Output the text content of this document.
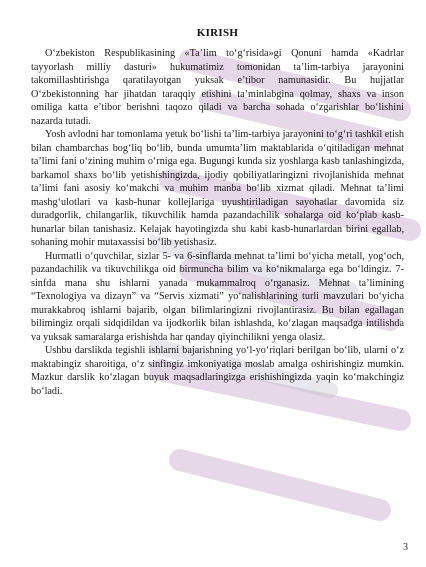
KIRISH

O‘zbekiston Respublikasining «Ta’lim to‘g‘risida»gi Qonuni hamda «Kadrlar tayyorlash milliy dasturi» hukumatimiz tomonidan ta’lim-tarbiya jarayonini takomillashtirishga qaratilayotgan yuksak e’tibor namunasidir. Bu hujjatlar O‘zbekistonning har jihatdan taraqqiy etishini ta’minlabgina qolmay, shaxs va inson omiliga katta e’tibor berishni taqozo qiladi va barcha sohada o‘zgarishlar bo‘lishini nazarda tutadi.

Yosh avlodni har tomonlama yetuk bo‘lishi ta’lim-tarbiya jarayonini to‘g‘ri tashkil etish bilan chambarchas bog‘liq bo‘lib, bunda umumta’lim maktablarida o‘qitiladigan mehnat ta’limi fani o‘zining muhim o‘rniga ega. Bugungi kunda siz yoshlarga kasb tanlashingizda, barkamol shaxs bo‘lib yetishishingizda, ijodiy qobiliyatlaringizni rivojlanishida mehnat ta’limi fani asosiy ko‘makchi va muhim manba bo‘lib xizmat qiladi. Mehnat ta’limi mashg‘ulotlari va kasb-hunar kollejlariga uyushtiriladigan sayohatlar davomida siz duradgorlik, chilangarlik, tikuvchilik hamda pazandachilik sohalarga oid ko‘plab kasb-hunarlar bilan tanishasiz. Kelajak hayotingizda shu kabi kasb-hunarlardan birini egallab, sohaning mohir mutaxassisi bo‘lib yetishasiz.

Hurmatli o‘quvchilar, sizlar 5- va 6-sinflarda mehnat ta’limi bo‘yicha metall, yog‘och, pazandachilik va tikuvchilikga oid birmuncha bilim va ko‘nikmalarga ega bo‘ldingiz. 7-sinfda mana shu ishlarni yanada mukammalroq o‘rganasiz. Mehnat ta’limining “Texnologiya va dizayn” va “Servis xizmati” yo‘nalishlarining turli mavzulari bo‘yicha murakkabroq ishlarni bajarib, olgan bilimlaringizni rivojlantirasiz. Bu bilan egallagan bilimingiz orqali sidqidildan va ijodkorlik bilan ishlashda, ko‘zlagan maqsadga intilishda va yuksak samaralarga erishishda har qanday qiyinchilikni yenga olasiz.

Ushbu darslikda tegishli ishlarni bajarishning yo‘l-yo‘riqlari berilgan bo‘lib, ularni o‘z maktabingiz sharoitiga, o‘z sinfingiz imkoniyatiga moslab amalga oshirishingiz mumkin. Mazkur darslik ko‘zlagan buyuk maqsadlaringizga erishishingizda yaqin ko‘makchingiz bo‘ladi.

3
